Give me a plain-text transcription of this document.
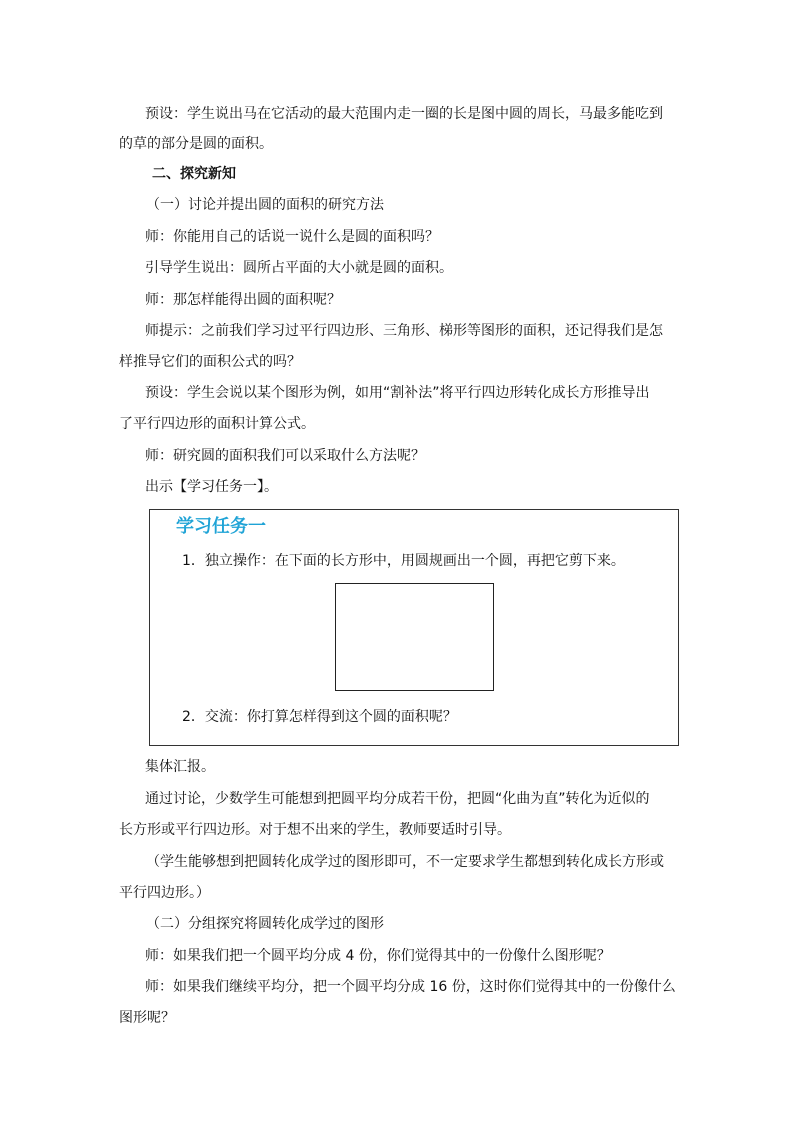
预设：学生说出马在它活动的最大范围内走一圈的长是图中圆的周长，马最多能吃到
的草的部分是圆的面积。
二、探究新知
（一）讨论并提出圆的面积的研究方法
师：你能用自己的话说一说什么是圆的面积吗？
引导学生说出：圆所占平面的大小就是圆的面积。
师：那怎样能得出圆的面积呢？
师提示：之前我们学习过平行四边形、三角形、梯形等图形的面积，还记得我们是怎
样推导它们的面积公式的吗？
预设：学生会说以某个图形为例，如用“割补法”将平行四边形转化成长方形推导出
了平行四边形的面积计算公式。
师：研究圆的面积我们可以采取什么方法呢？
出示【学习任务一】。
学习任务一
1．独立操作：在下面的长方形中，用圆规画出一个圆，再把它剪下来。
2．交流：你打算怎样得到这个圆的面积呢？
集体汇报。
通过讨论，少数学生可能想到把圆平均分成若干份，把圆“化曲为直”转化为近似的
长方形或平行四边形。对于想不出来的学生，教师要适时引导。
（学生能够想到把圆转化成学过的图形即可，不一定要求学生都想到转化成长方形或
平行四边形。）
（二）分组探究将圆转化成学过的图形
师：如果我们把一个圆平均分成 4 份，你们觉得其中的一份像什么图形呢？
师：如果我们继续平均分，把一个圆平均分成 16 份，这时你们觉得其中的一份像什么
图形呢？
